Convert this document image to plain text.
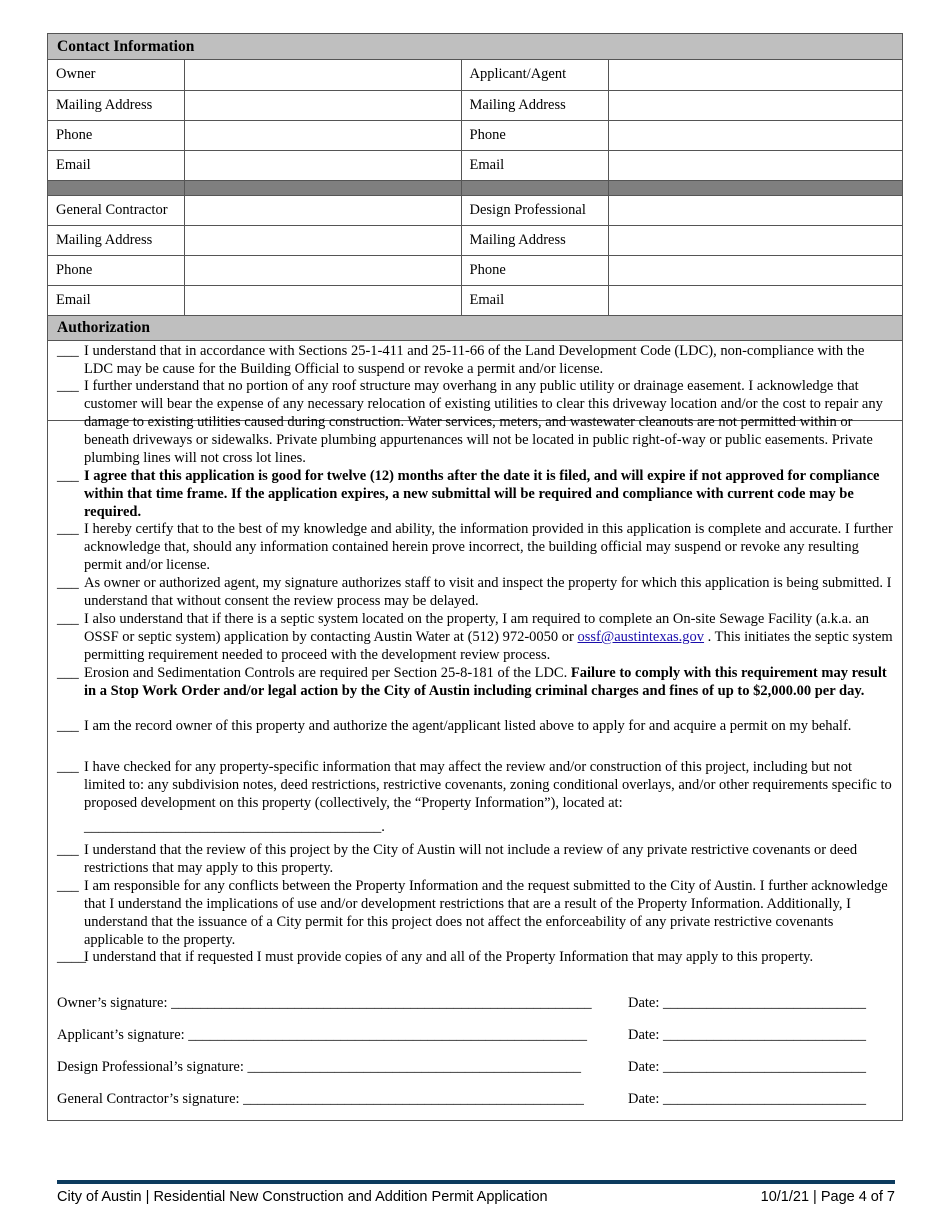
Contact Information
Owner		Applicant/Agent	
Mailing Address		Mailing Address	
Phone		Phone	
Email		Email	

General Contractor		Design Professional	
Mailing Address		Mailing Address	
Phone		Phone	
Email		Email	
Authorization
___ I understand that in accordance with Sections 25-1-411 and 25-11-66 of the Land Development Code (LDC), non-compliance with the LDC may be cause for the Building Official to suspend or revoke a permit and/or license.
___ I further understand that no portion of any roof structure may overhang in any public utility or drainage easement. I acknowledge that customer will bear the expense of any necessary relocation of existing utilities to clear this driveway location and/or the cost to repair any damage to existing utilities caused during construction. Water services, meters, and wastewater cleanouts are not permitted within or beneath driveways or sidewalks. Private plumbing appurtenances will not be located in public right-of-way or public easements. Private plumbing lines will not cross lot lines.
___ I agree that this application is good for twelve (12) months after the date it is filed, and will expire if not approved for compliance within that time frame. If the application expires, a new submittal will be required and compliance with current code may be required.
___ I hereby certify that to the best of my knowledge and ability, the information provided in this application is complete and accurate. I further acknowledge that, should any information contained herein prove incorrect, the building official may suspend or revoke any resulting permit and/or license.
___ As owner or authorized agent, my signature authorizes staff to visit and inspect the property for which this application is being submitted. I understand that without consent the review process may be delayed.
___ I also understand that if there is a septic system located on the property, I am required to complete an On-site Sewage Facility (a.k.a. an OSSF or septic system) application by contacting Austin Water at (512) 972-0050 or ossf@austintexas.gov . This initiates the septic system permitting requirement needed to proceed with the development review process.
___ Erosion and Sedimentation Controls are required per Section 25-8-181 of the LDC. Failure to comply with this requirement may result in a Stop Work Order and/or legal action by the City of Austin including criminal charges and fines of up to $2,000.00 per day.
___ I am the record owner of this property and authorize the agent/applicant listed above to apply for and acquire a permit on my behalf.
___ I have checked for any property-specific information that may affect the review and/or construction of this project, including but not limited to: any subdivision notes, deed restrictions, restrictive covenants, zoning conditional overlays, and/or other requirements specific to proposed development on this property (collectively, the “Property Information”), located at:
_________________________________________.
___ I understand that the review of this project by the City of Austin will not include a review of any private restrictive covenants or deed restrictions that may apply to this property.
___ I am responsible for any conflicts between the Property Information and the request submitted to the City of Austin. I further acknowledge that I understand the implications of use and/or development restrictions that are a result of the Property Information. Additionally, I understand that the issuance of a City permit for this project does not affect the enforceability of any private restrictive covenants applicable to the property.
____
I understand that if requested I must provide copies of any and all of the Property Information that may apply to this property.
Owner’s signature: __________________________________________________________	Date: ____________________________
Applicant’s signature: _______________________________________________________	Date: ____________________________
Design Professional’s signature: ______________________________________________	Date: ____________________________
General Contractor’s signature: _______________________________________________	Date: ____________________________
City of Austin | Residential New Construction and Addition Permit Application	10/1/21 | Page 4 of 7
